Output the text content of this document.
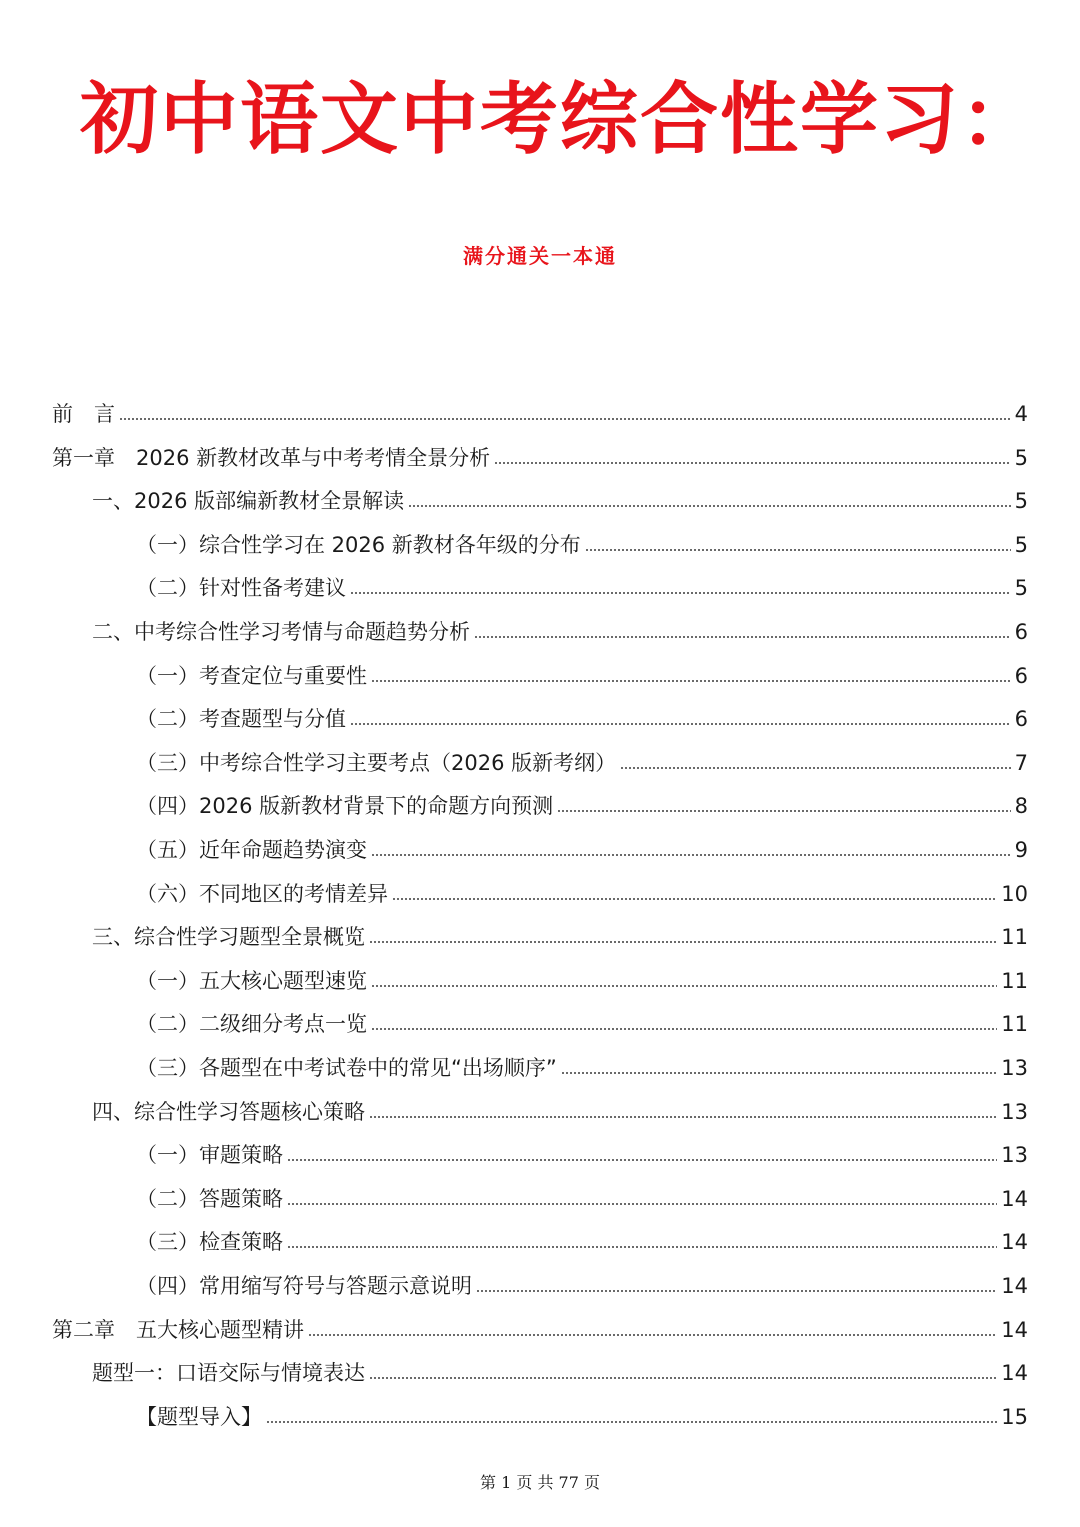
初中语文中考综合性学习：
满分通关一本通
前　言	4
第一章　2026 新教材改革与中考考情全景分析	5
一、2026 版部编新教材全景解读	5
（一）综合性学习在 2026 新教材各年级的分布	5
（二）针对性备考建议	5
二、中考综合性学习考情与命题趋势分析	6
（一）考查定位与重要性	6
（二）考查题型与分值	6
（三）中考综合性学习主要考点（2026 版新考纲）	7
（四）2026 版新教材背景下的命题方向预测	8
（五）近年命题趋势演变	9
（六）不同地区的考情差异	10
三、综合性学习题型全景概览	11
（一）五大核心题型速览	11
（二）二级细分考点一览	11
（三）各题型在中考试卷中的常见“出场顺序”	13
四、综合性学习答题核心策略	13
（一）审题策略	13
（二）答题策略	14
（三）检查策略	14
（四）常用缩写符号与答题示意说明	14
第二章　五大核心题型精讲	14
题型一：口语交际与情境表达	14
【题型导入】	15
第 1 页 共 77 页
